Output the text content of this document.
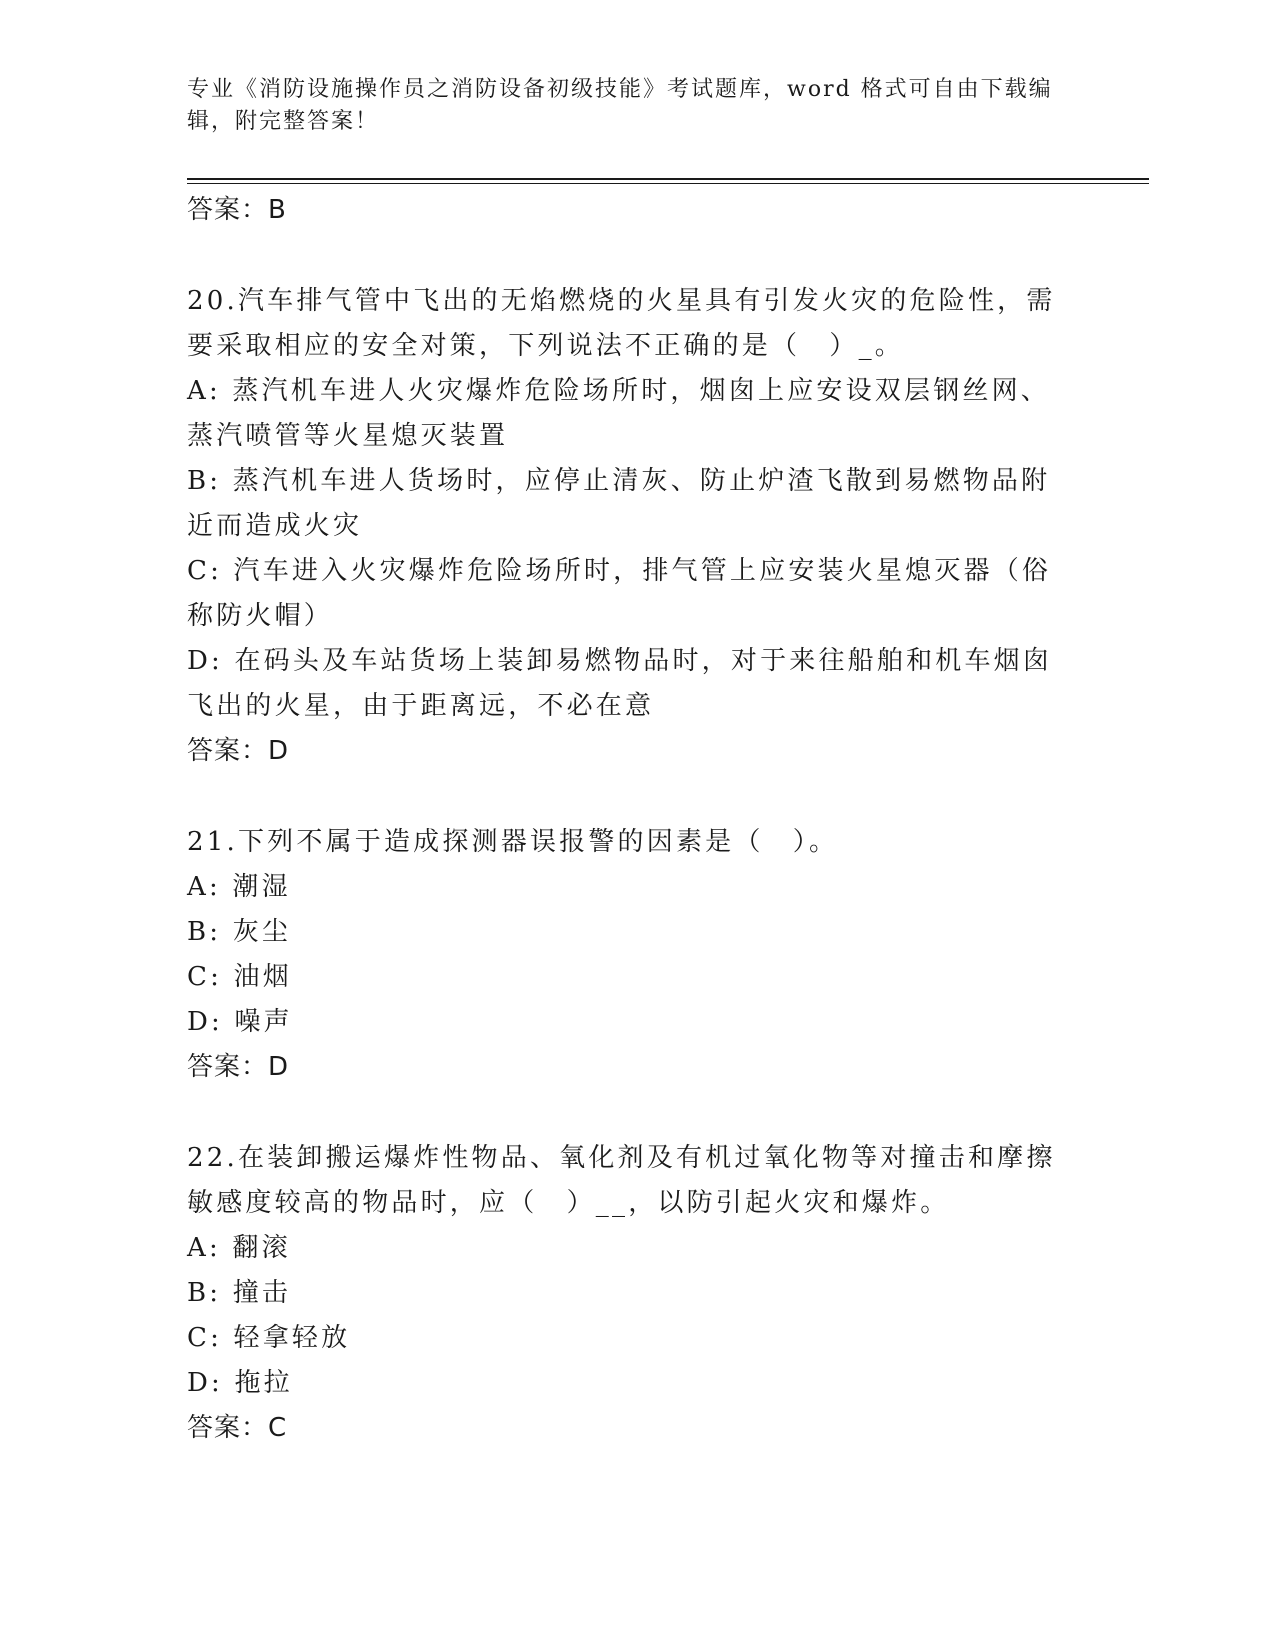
专业《消防设施操作员之消防设备初级技能》考试题库，word 格式可自由下载编辑，附完整答案！

答案：B

20.汽车排气管中飞出的无焰燃烧的火星具有引发火灾的危险性，需要采取相应的安全对策，下列说法不正确的是（　）_。

A: 蒸汽机车进人火灾爆炸危险场所时，烟囱上应安设双层钢丝网、蒸汽喷管等火星熄灭装置

B: 蒸汽机车进人货场时，应停止清灰、防止炉渣飞散到易燃物品附近而造成火灾

C: 汽车进入火灾爆炸危险场所时，排气管上应安装火星熄灭器（俗称防火帽）

D: 在码头及车站货场上装卸易燃物品时，对于来往船舶和机车烟囱飞出的火星，由于距离远，不必在意

答案：D

21.下列不属于造成探测器误报警的因素是（　）。

A: 潮湿

B: 灰尘

C: 油烟

D: 噪声

答案：D

22.在装卸搬运爆炸性物品、氧化剂及有机过氧化物等对撞击和摩擦敏感度较高的物品时，应（　）__，以防引起火灾和爆炸。

A: 翻滚

B: 撞击

C: 轻拿轻放

D: 拖拉

答案：C
